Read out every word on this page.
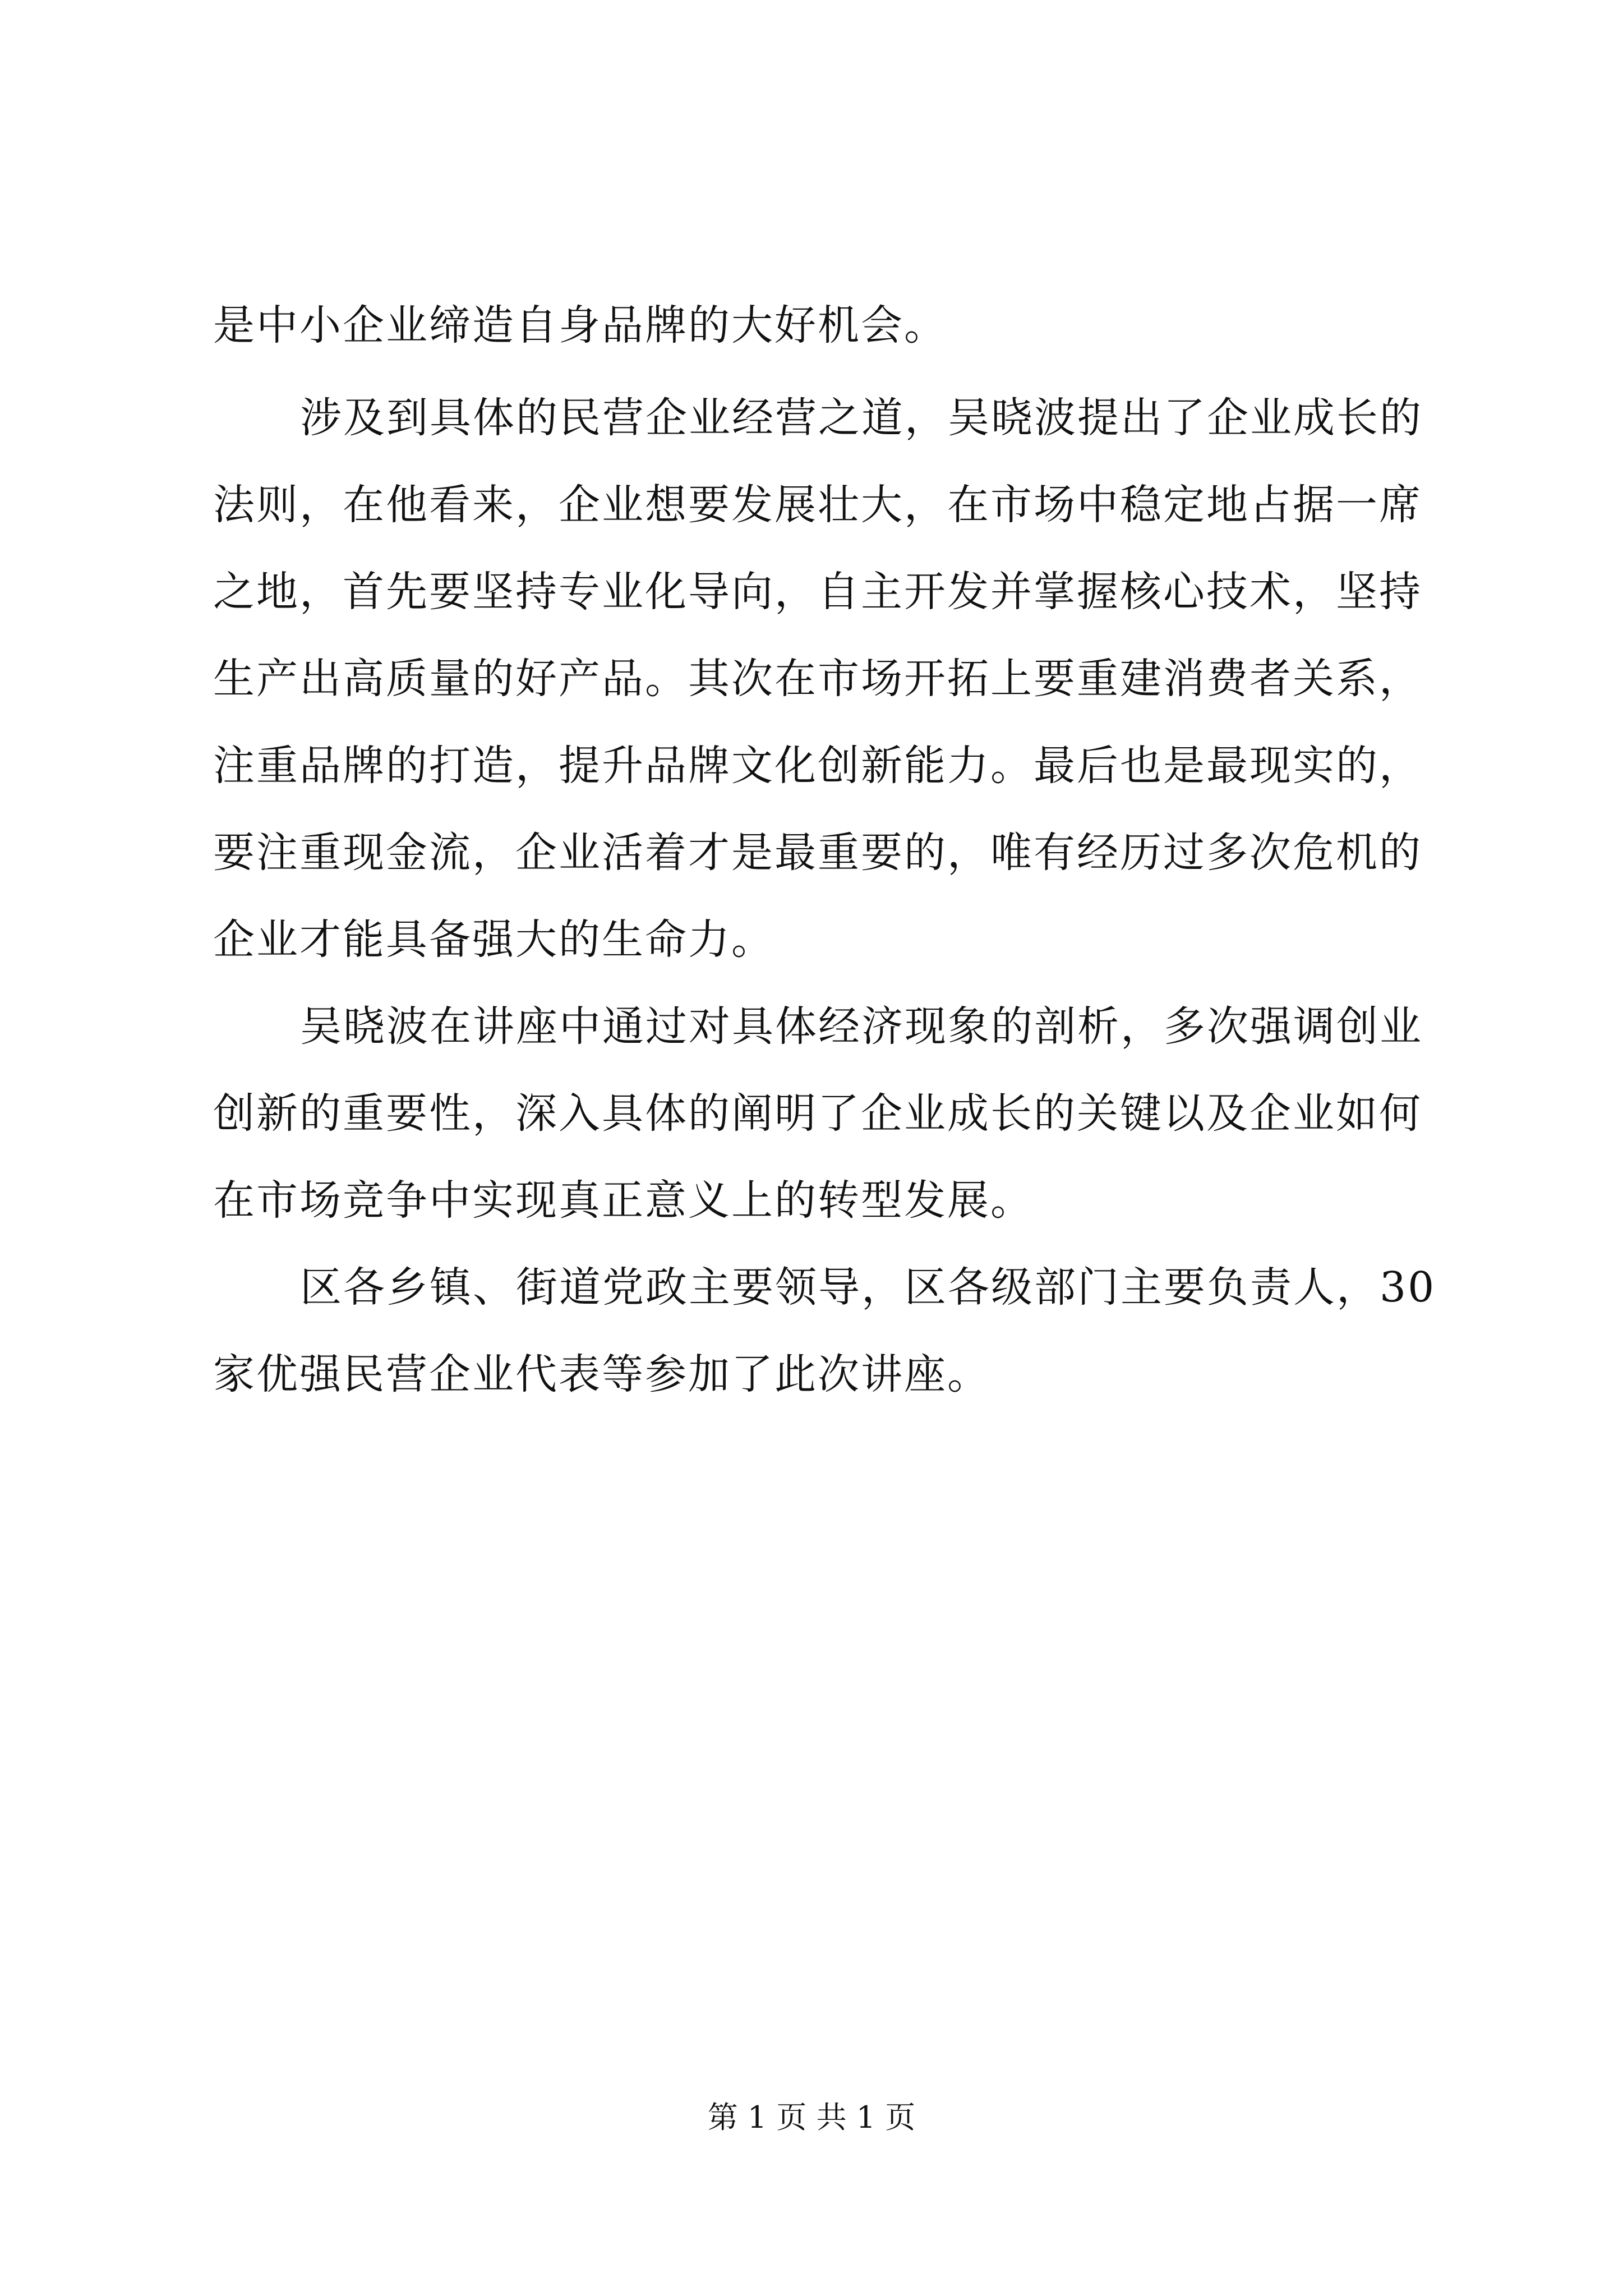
是中小企业缔造自身品牌的大好机会。
涉及到具体的民营企业经营之道，吴晓波提出了企业成长的
法则，在他看来，企业想要发展壮大，在市场中稳定地占据一席
之地，首先要坚持专业化导向，自主开发并掌握核心技术，坚持
生产出高质量的好产品。其次在市场开拓上要重建消费者关系，
注重品牌的打造，提升品牌文化创新能力。最后也是最现实的，
要注重现金流，企业活着才是最重要的，唯有经历过多次危机的
企业才能具备强大的生命力。
吴晓波在讲座中通过对具体经济现象的剖析，多次强调创业
创新的重要性，深入具体的阐明了企业成长的关键以及企业如何
在市场竞争中实现真正意义上的转型发展。
区各乡镇、街道党政主要领导，区各级部门主要负责人，30
家优强民营企业代表等参加了此次讲座。
第 1 页 共 1 页
